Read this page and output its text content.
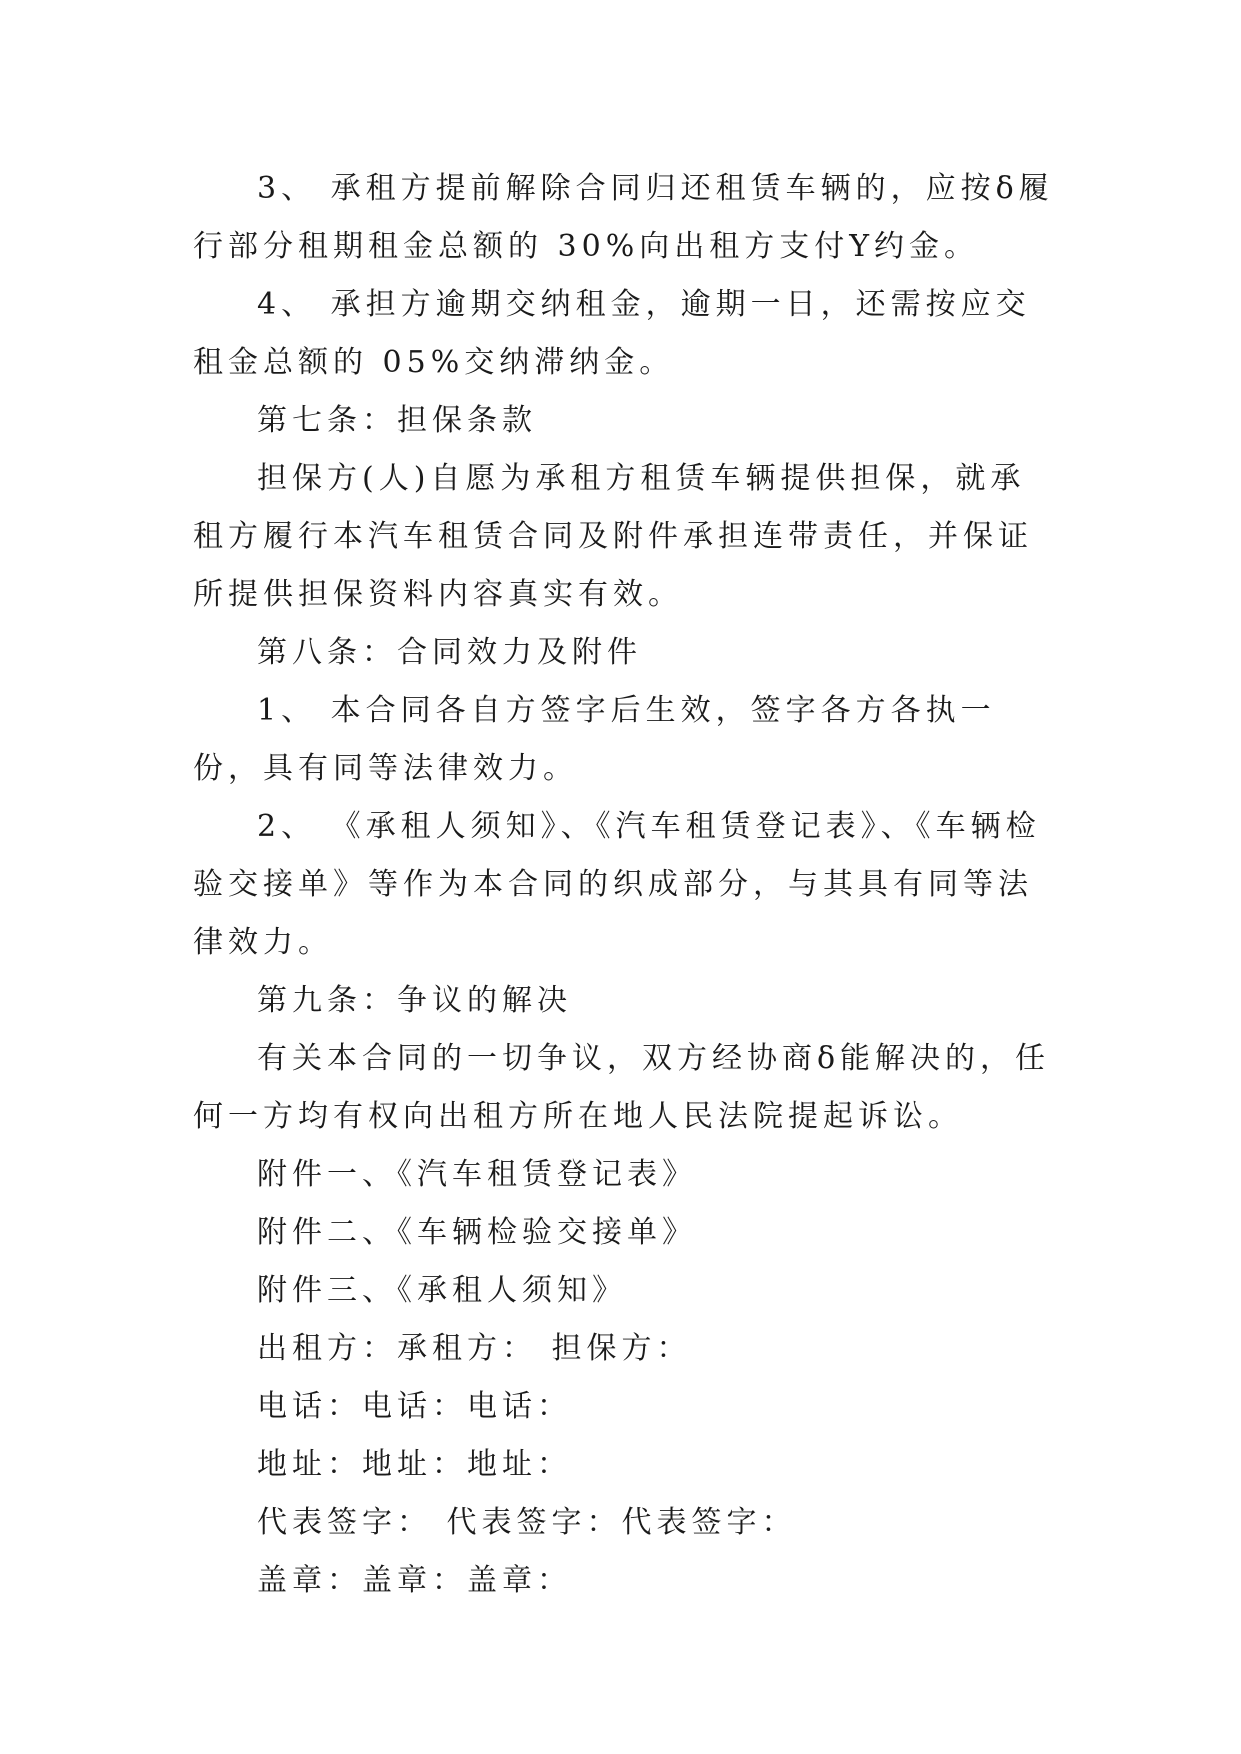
3、 承租方提前解除合同归还租赁车辆的，应按δ履行部分租期租金总额的 30%向出租方支付Y约金。

4、 承担方逾期交纳租金，逾期一日，还需按应交租金总额的 05%交纳滞纳金。

第七条：担保条款

担保方(人)自愿为承租方租赁车辆提供担保，就承租方履行本汽车租赁合同及附件承担连带责任，并保证所提供担保资料内容真实有效。

第八条：合同效力及附件

1、 本合同各自方签字后生效，签字各方各执一份，具有同等法律效力。

2、 《承租人须知》、《汽车租赁登记表》、《车辆检验交接单》等作为本合同的织成部分，与其具有同等法律效力。

第九条：争议的解决

有关本合同的一切争议，双方经协商δ能解决的，任何一方均有权向出租方所在地人民法院提起诉讼。

附件一、《汽车租赁登记表》

附件二、《车辆检验交接单》

附件三、《承租人须知》

出租方：承租方： 担保方：

电话：电话：电话：

地址：地址：地址：

代表签字： 代表签字：代表签字：

盖章：盖章：盖章：
